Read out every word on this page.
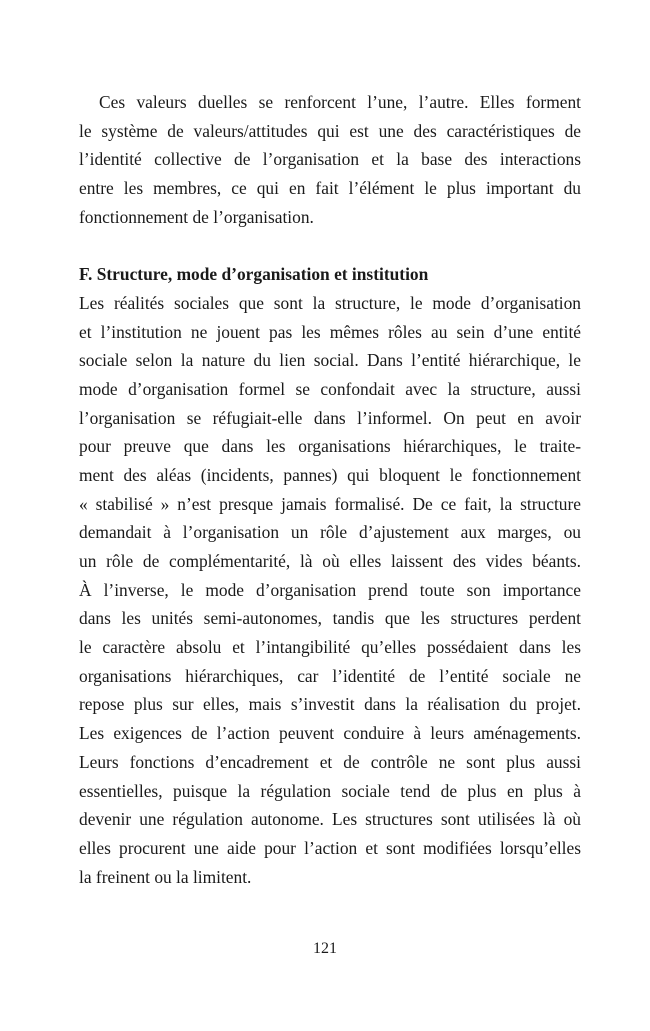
Ces valeurs duelles se renforcent l’une, l’autre. Elles forment
le système de valeurs/attitudes qui est une des caractéristiques de
l’identité collective de l’organisation et la base des interactions
entre les membres, ce qui en fait l’élément le plus important du
fonctionnement de l’organisation.

F. Structure, mode d’organisation et institution

Les réalités sociales que sont la structure, le mode d’organisation
et l’institution ne jouent pas les mêmes rôles au sein d’une entité
sociale selon la nature du lien social. Dans l’entité hiérarchique, le
mode d’organisation formel se confondait avec la structure, aussi
l’organisation se réfugiait-elle dans l’informel. On peut en avoir
pour preuve que dans les organisations hiérarchiques, le traite-
ment des aléas (incidents, pannes) qui bloquent le fonctionnement
« stabilisé » n’est presque jamais formalisé. De ce fait, la structure
demandait à l’organisation un rôle d’ajustement aux marges, ou
un rôle de complémentarité, là où elles laissent des vides béants.
À l’inverse, le mode d’organisation prend toute son importance
dans les unités semi-autonomes, tandis que les structures perdent
le caractère absolu et l’intangibilité qu’elles possédaient dans les
organisations hiérarchiques, car l’identité de l’entité sociale ne
repose plus sur elles, mais s’investit dans la réalisation du projet.
Les exigences de l’action peuvent conduire à leurs aménagements.
Leurs fonctions d’encadrement et de contrôle ne sont plus aussi
essentielles, puisque la régulation sociale tend de plus en plus à
devenir une régulation autonome. Les structures sont utilisées là où
elles procurent une aide pour l’action et sont modifiées lorsqu’elles
la freinent ou la limitent.

121
